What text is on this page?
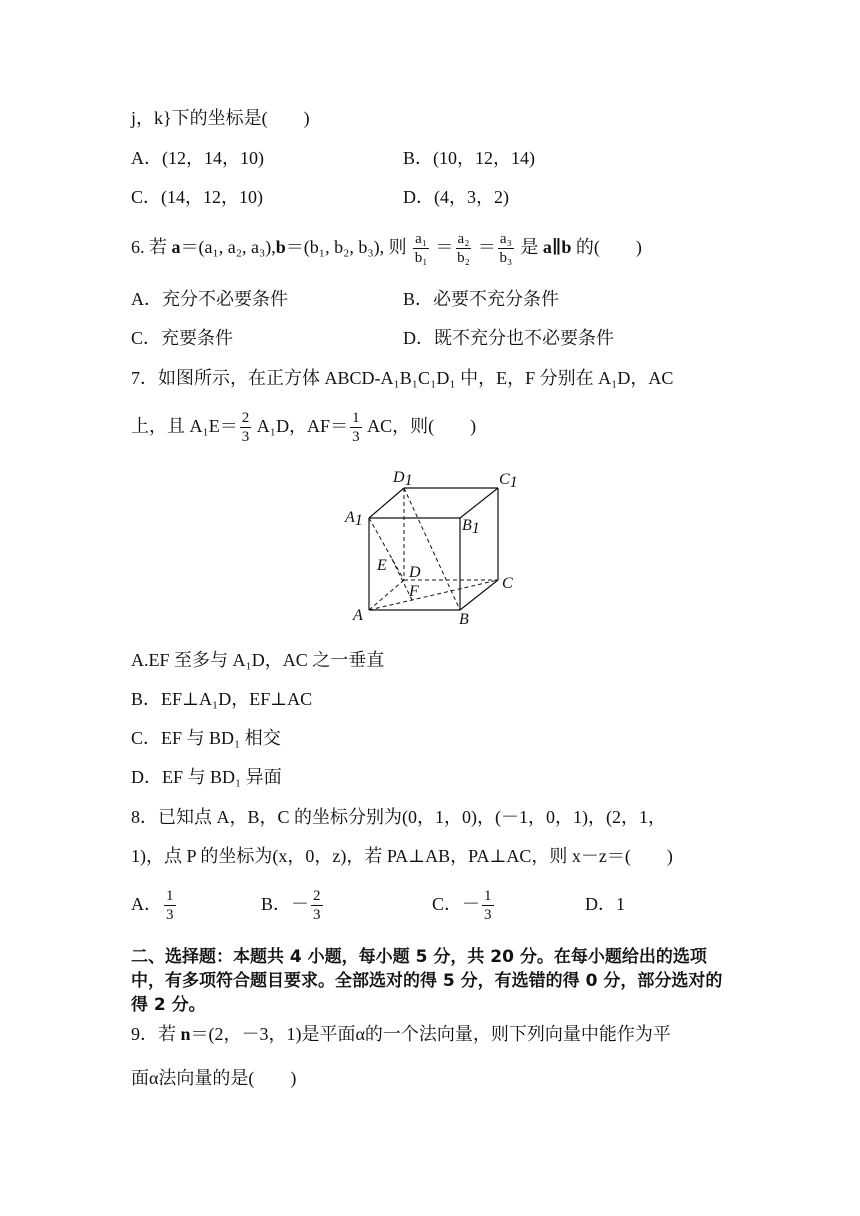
j，k}下的坐标是(　　)
A．(12，14，10)	B．(10，12，14)
C．(14，12，10)	D．(4，3，2)
6. 若 a＝(a₁, a₂, a₃),b＝(b₁, b₂, b₃), 则 $\frac{\text{a₁}}{\text{b₁}} = \frac{\text{a₂}}{\text{b₂}} = \frac{\text{a₃}}{\text{b₃}}$ 是 a∥b 的(　　)
A．充分不必要条件	B．必要不充分条件
C．充要条件	D．既不充分也不必要条件
7．如图所示，在正方体 ABCD-A₁B₁C₁D₁ 中，E，F 分别在 A₁D，AC
上，且 $A_1E= \frac{2}{3} A_1D$，$AF= \frac{1}{3}$ AC，则(　　)
D1	C1
A1	B1
E D
F	C
A	B
A.EF 至多与 A₁D，AC 之一垂直
B．EF⊥A₁D，EF⊥AC
C．EF 与 BD₁ 相交
D．EF 与 BD₁ 异面
8．已知点 A，B，C 的坐标分别为(0，1，0)，(－1，0，1)，(2，1，
1)，点 P 的坐标为(x，0，z)，若 PA⊥AB，PA⊥AC，则 x－z＝(　　)
A． $\frac{1}{3}$	B．－ $\frac{2}{3}$	C．－ $\frac{1}{3}$	D．1
二、选择题：本题共 4 小题，每小题 5 分，共 20 分。在每小题给出的选项中，有多项符合题目要求。全部选对的得 5 分，有选错的得 0 分，部分选对的得 2 分。
9．若 n＝(2，－3，1)是平面α的一个法向量，则下列向量中能作为平
面α法向量的是(　　)
